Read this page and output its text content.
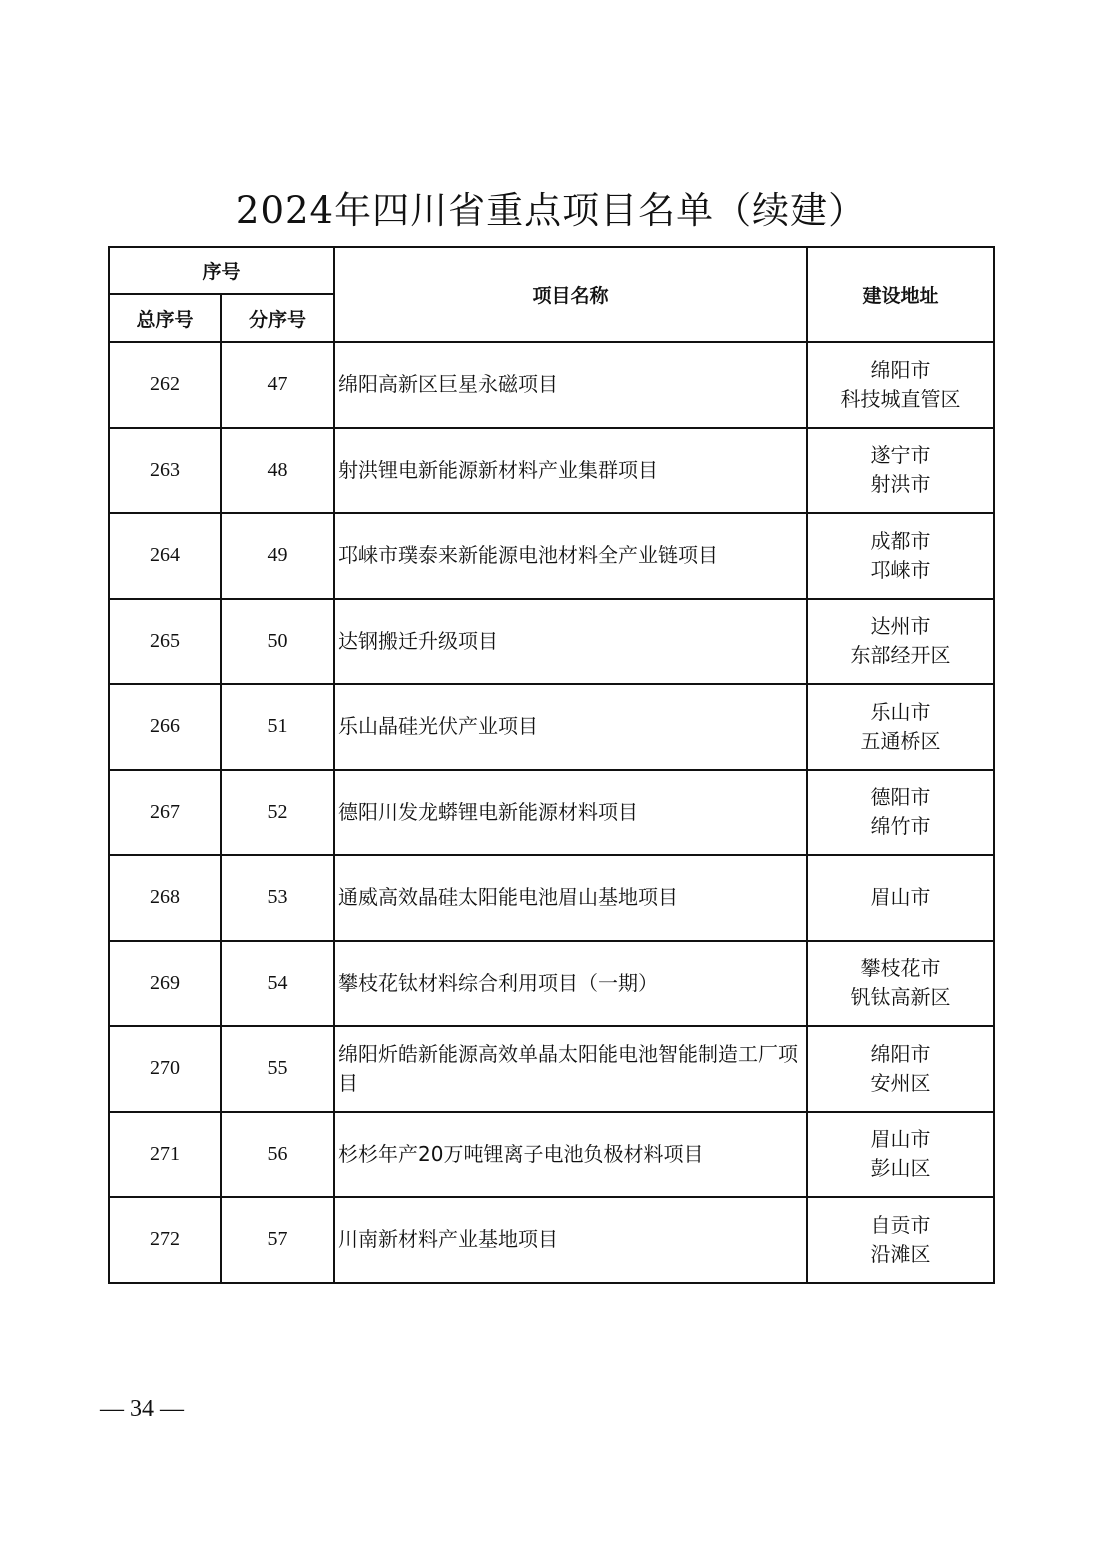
2024年四川省重点项目名单（续建）
序号		项目名称	建设地址
总序号	分序号		
262	47	绵阳高新区巨星永磁项目	绵阳市
科技城直管区

263	48	射洪锂电新能源新材料产业集群项目	遂宁市
射洪市

264	49	邛崃市璞泰来新能源电池材料全产业链项目	成都市
邛崃市

265	50	达钢搬迁升级项目	达州市
东部经开区

266	51	乐山晶硅光伏产业项目	乐山市
五通桥区

267	52	德阳川发龙蟒锂电新能源材料项目	德阳市
绵竹市

268	53	通威高效晶硅太阳能电池眉山基地项目	眉山市

269	54	攀枝花钛材料综合利用项目（一期）	攀枝花市
钒钛高新区

270	55	绵阳炘皓新能源高效单晶太阳能电池智能制造工厂项目	绵阳市
安州区

271	56	杉杉年产20万吨锂离子电池负极材料项目	眉山市
彭山区

272	57	川南新材料产业基地项目	自贡市
沿滩区
— 34 —
